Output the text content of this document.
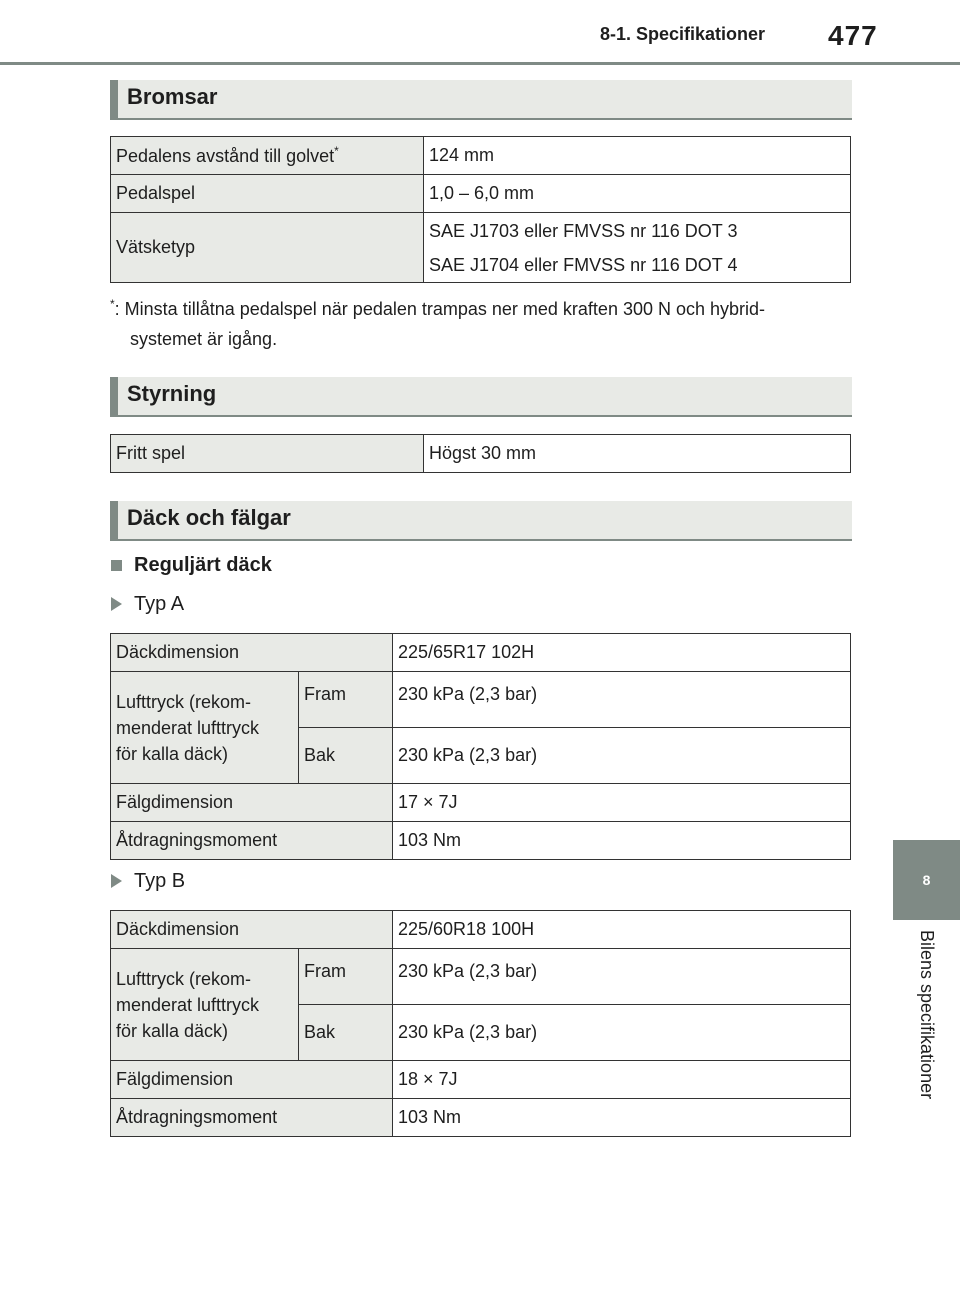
8-1. Specifikationer 477
8
Bilens specifikationer
Bromsar
Pedalens avstånd till golvet*	124 mm
Pedalspel	1,0 – 6,0 mm
Vätsketyp	SAE J1703 eller FMVSS nr 116 DOT 3
SAE J1704 eller FMVSS nr 116 DOT 4
*: Minsta tillåtna pedalspel när pedalen trampas ner med kraften 300 N och hybrid-
systemet är igång.
Styrning
Fritt spel	Högst 30 mm
Däck och fälgar
Reguljärt däck
Typ A
Däckdimension		225/65R17 102H

Lufttryck (rekom-
menderat lufttryck
för kalla däck)	Fram	230 kPa (2,3 bar)
	Bak	230 kPa (2,3 bar)
Fälgdimension		17 × 7J
Åtdragningsmoment		103 Nm
Typ B
Däckdimension		225/60R18 100H

Lufttryck (rekom-
menderat lufttryck
för kalla däck)	Fram	230 kPa (2,3 bar)
	Bak	230 kPa (2,3 bar)
Fälgdimension		18 × 7J
Åtdragningsmoment		103 Nm
